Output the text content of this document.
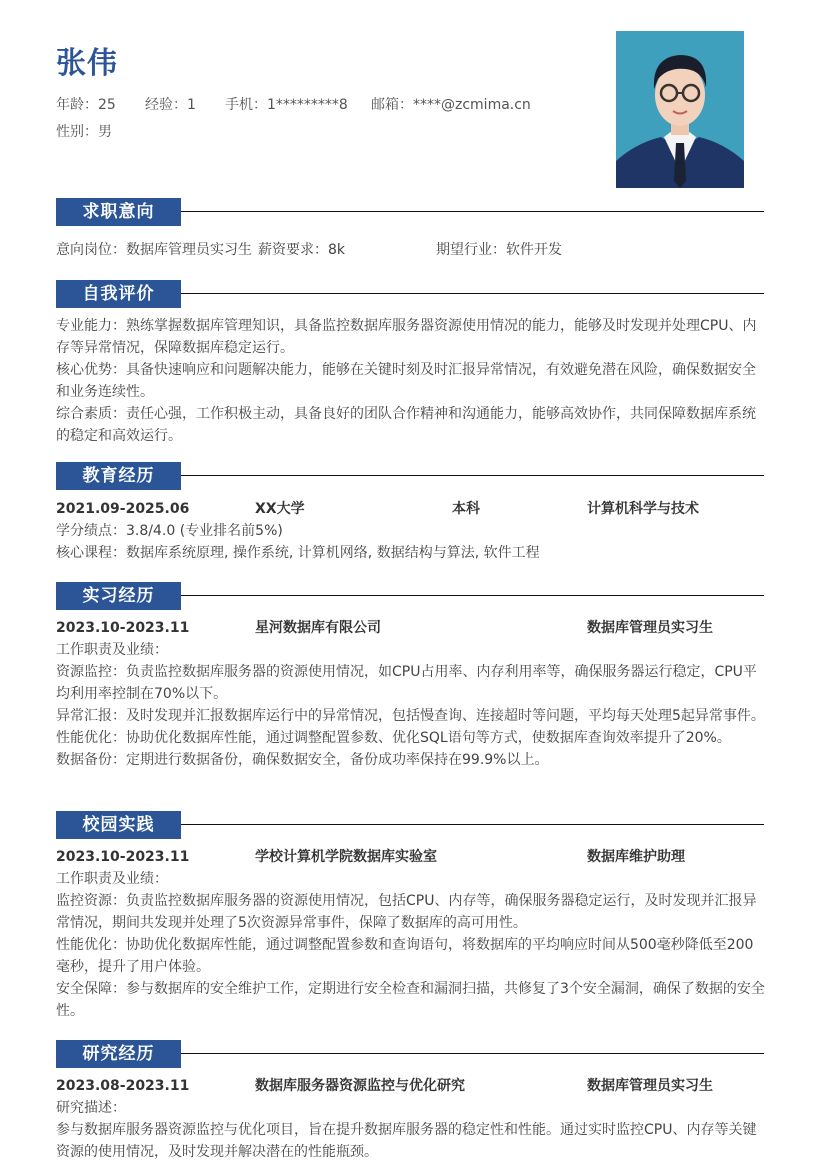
张伟
年龄：25 经验：1 手机：1*********8 邮箱：****@zcmima.cn
性别：男
求职意向
意向岗位：数据库管理员实习生 薪资要求：8k	期望行业：软件开发
自我评价

专业能力：熟练掌握数据库管理知识，具备监控数据库服务器资源使用情况的能力，能够及时发现并处理CPU、内存等异常情况，保障数据库稳定运行。

核心优势：具备快速响应和问题解决能力，能够在关键时刻及时汇报异常情况，有效避免潜在风险，确保数据安全和业务连续性。

综合素质：责任心强，工作积极主动，具备良好的团队合作精神和沟通能力，能够高效协作，共同保障数据库系统的稳定和高效运行。

教育经历
2021.09-2025.06	XX大学	本科	计算机科学与技术

学分绩点：3.8/4.0 (专业排名前5%)

核心课程：数据库系统原理, 操作系统, 计算机网络, 数据结构与算法, 软件工程

实习经历
2023.10-2023.11	星河数据库有限公司	数据库管理员实习生

工作职责及业绩：

资源监控：负责监控数据库服务器的资源使用情况，如CPU占用率、内存利用率等，确保服务器运行稳定，CPU平均利用率控制在70%以下。

异常汇报：及时发现并汇报数据库运行中的异常情况，包括慢查询、连接超时等问题，平均每天处理5起异常事件。

性能优化：协助优化数据库性能，通过调整配置参数、优化SQL语句等方式，使数据库查询效率提升了20%。

数据备份：定期进行数据备份，确保数据安全，备份成功率保持在99.9%以上。

校园实践
2023.10-2023.11	学校计算机学院数据库实验室	数据库维护助理

工作职责及业绩：

监控资源：负责监控数据库服务器的资源使用情况，包括CPU、内存等，确保服务器稳定运行，及时发现并汇报异常情况，期间共发现并处理了5次资源异常事件，保障了数据库的高可用性。

性能优化：协助优化数据库性能，通过调整配置参数和查询语句，将数据库的平均响应时间从500毫秒降低至200毫秒，提升了用户体验。

安全保障：参与数据库的安全维护工作，定期进行安全检查和漏洞扫描，共修复了3个安全漏洞，确保了数据的安全性。

研究经历
2023.08-2023.11	数据库服务器资源监控与优化研究	数据库管理员实习生

研究描述：

参与数据库服务器资源监控与优化项目，旨在提升数据库服务器的稳定性和性能。通过实时监控CPU、内存等关键资源的使用情况，及时发现并解决潜在的性能瓶颈。
